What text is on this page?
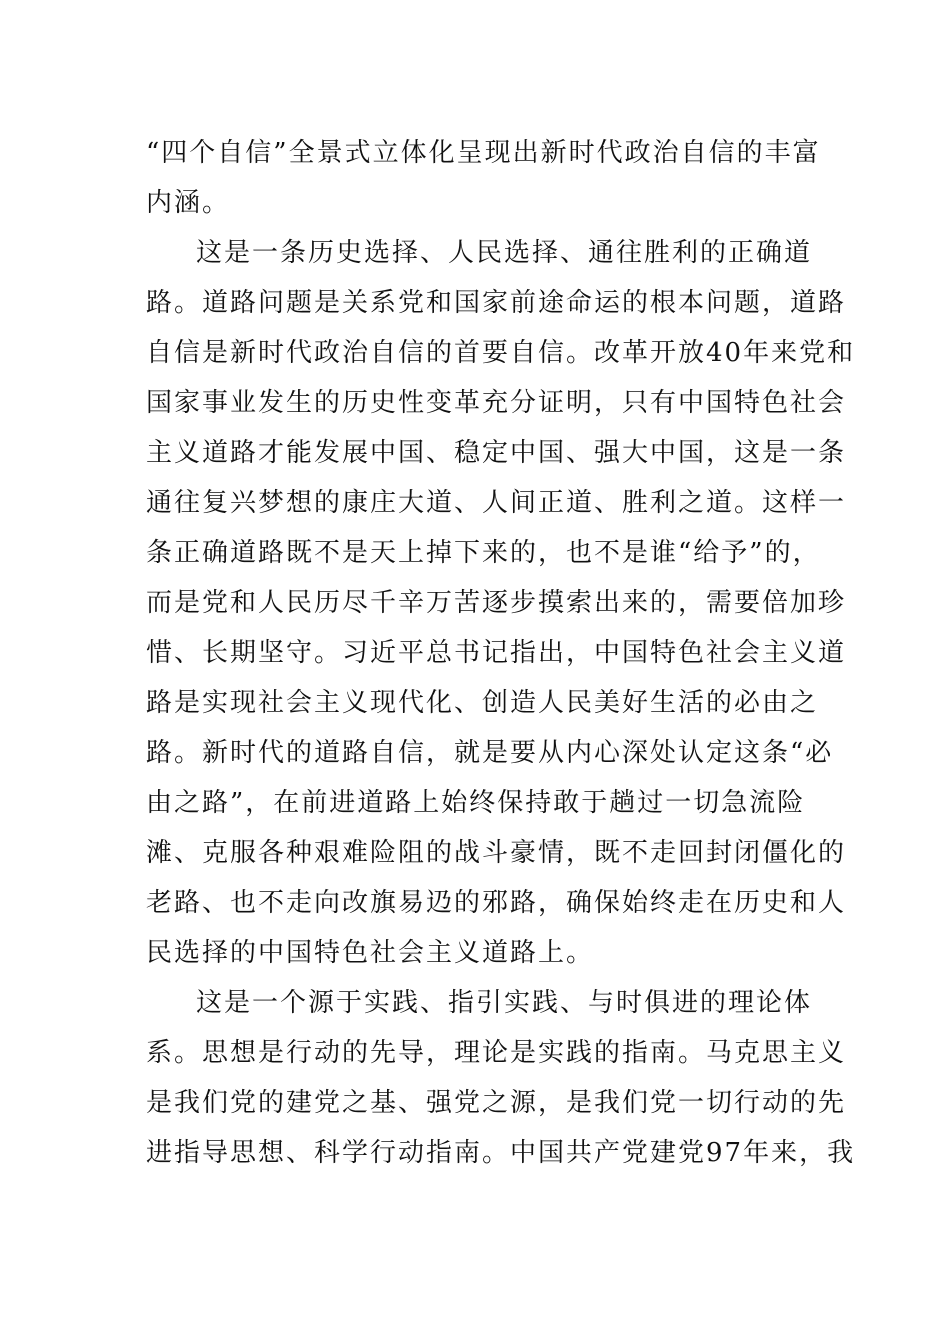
“四个自信”全景式立体化呈现出新时代政治自信的丰富
内涵。
这是一条历史选择、人民选择、通往胜利的正确道
路。道路问题是关系党和国家前途命运的根本问题，道路
自信是新时代政治自信的首要自信。改革开放40年来党和
国家事业发生的历史性变革充分证明，只有中国特色社会
主义道路才能发展中国、稳定中国、强大中国，这是一条
通往复兴梦想的康庄大道、人间正道、胜利之道。这样一
条正确道路既不是天上掉下来的，也不是谁“给予”的，
而是党和人民历尽千辛万苦逐步摸索出来的，需要倍加珍
惜、长期坚守。习近平总书记指出，中国特色社会主义道
路是实现社会主义现代化、创造人民美好生活的必由之
路。新时代的道路自信，就是要从内心深处认定这条“必
由之路”，在前进道路上始终保持敢于趟过一切急流险
滩、克服各种艰难险阻的战斗豪情，既不走回封闭僵化的
老路、也不走向改旗易辸的邪路，确保始终走在历史和人
民选择的中国特色社会主义道路上。
这是一个源于实践、指引实践、与时俱进的理论体
系。思想是行动的先导，理论是实践的指南。马克思主义
是我们党的建党之基、强党之源，是我们党一切行动的先
进指导思想、科学行动指南。中国共产党建党97年来，我
